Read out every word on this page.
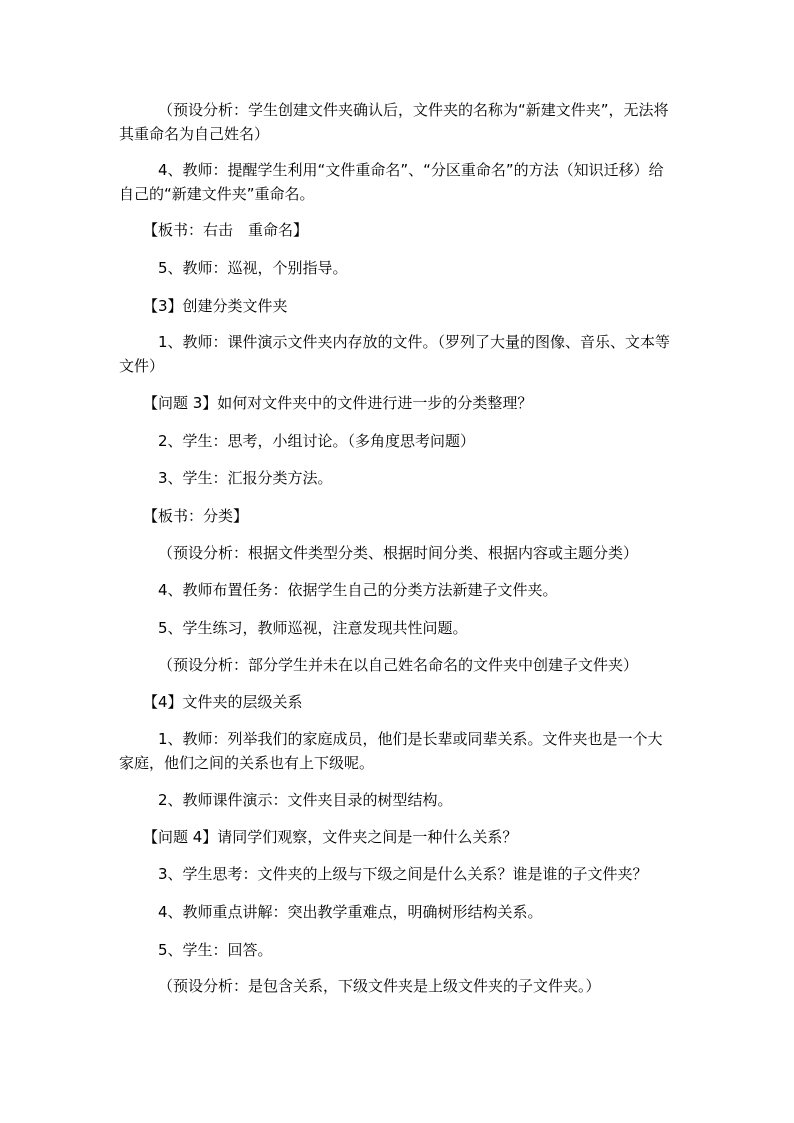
（预设分析：学生创建文件夹确认后，文件夹的名称为“新建文件夹”，无法将其重命名为自己姓名）

4、教师：提醒学生利用“文件重命名”、“分区重命名”的方法（知识迁移）给自己的“新建文件夹”重命名。

【板书：右击　重命名】

5、教师：巡视，个别指导。

【3】创建分类文件夹

1、教师：课件演示文件夹内存放的文件。（罗列了大量的图像、音乐、文本等文件）

【问题 3】如何对文件夹中的文件进行进一步的分类整理？

2、学生：思考，小组讨论。（多角度思考问题）

3、学生：汇报分类方法。

【板书：分类】

（预设分析：根据文件类型分类、根据时间分类、根据内容或主题分类）

4、教师布置任务：依据学生自己的分类方法新建子文件夹。

5、学生练习，教师巡视，注意发现共性问题。

（预设分析：部分学生并未在以自己姓名命名的文件夹中创建子文件夹）

【4】文件夹的层级关系

1、教师：列举我们的家庭成员，他们是长辈或同辈关系。文件夹也是一个大家庭，他们之间的关系也有上下级呢。

2、教师课件演示：文件夹目录的树型结构。

【问题 4】请同学们观察，文件夹之间是一种什么关系？

3、学生思考：文件夹的上级与下级之间是什么关系？谁是谁的子文件夹？

4、教师重点讲解：突出教学重难点，明确树形结构关系。

5、学生：回答。

（预设分析：是包含关系，下级文件夹是上级文件夹的子文件夹。）
